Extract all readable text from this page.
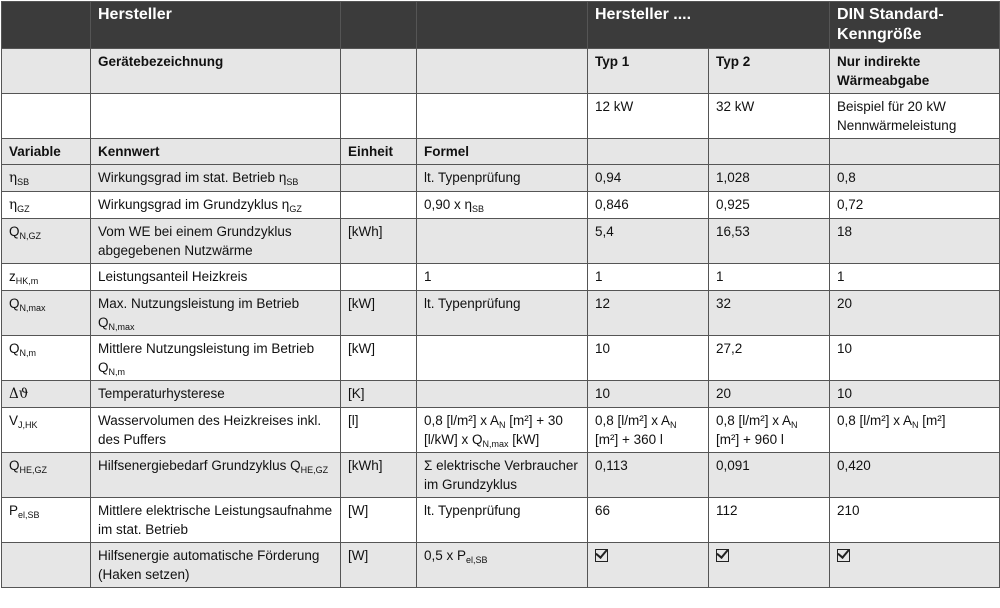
	Hersteller			Hersteller ....		DIN Standard-Kenngröße
	Gerätebezeichnung			Typ 1	Typ 2	Nur indirekte Wärmeabgabe
				12 kW	32 kW	Beispiel für 20 kW Nennwärmeleistung
Variable	Kennwert	Einheit	Formel			
$\eta_{SB}$	Wirkungsgrad im stat. Betrieb $\eta_{SB}$		lt. Typenprüfung	0,94	1,028	0,8
$\eta_{GZ}$	Wirkungsgrad im Grundzyklus $\eta_{GZ}$		0,90 x $\eta_{SB}$	0,846	0,925	0,72
$Q_{N,GZ}$	Vom WE bei einem Grundzyklus abgegebenen Nutzwärme	[kWh]		5,4	16,53	18
$z_{HK,m}$	Leistungsanteil Heizkreis		1	1	1	1
$Q_{N,max}$	Max. Nutzungsleistung im Betrieb $Q_{N,max}$	[kW]	lt. Typenprüfung	12	32	20
$Q_{N,m}$	Mittlere Nutzungsleistung im Betrieb $Q_{N,m}$	[kW]		10	27,2	10
Δϑ	Temperaturhysterese	[K]		10	20	10
$V_{J,HK}$	Wasservolumen des Heizkreises inkl. des Puffers	[l]	0,8 [l/m²] x $A_N$ [m²] + 30 [l/kW] x $Q_{N,max}$ [kW]	0,8 [l/m²] x $A_N$ [m²] + 360 l	0,8 [l/m²] x $A_N$ [m²] + 960 l	0,8 [l/m²] x $A_N$ [m²]
$Q_{HE,GZ}$	Hilfsenergiebedarf Grundzyklus $Q_{HE,GZ}$	[kWh]	Σ elektrische Verbraucher im Grundzyklus	0,113	0,091	0,420
$P_{el,SB}$	Mittlere elektrische Leistungsaufnahme im stat. Betrieb	[W]	lt. Typenprüfung	66	112	210
	Hilfsenergie automatische Förderung (Haken setzen)	[W]	0,5 x $P_{el,SB}$			
